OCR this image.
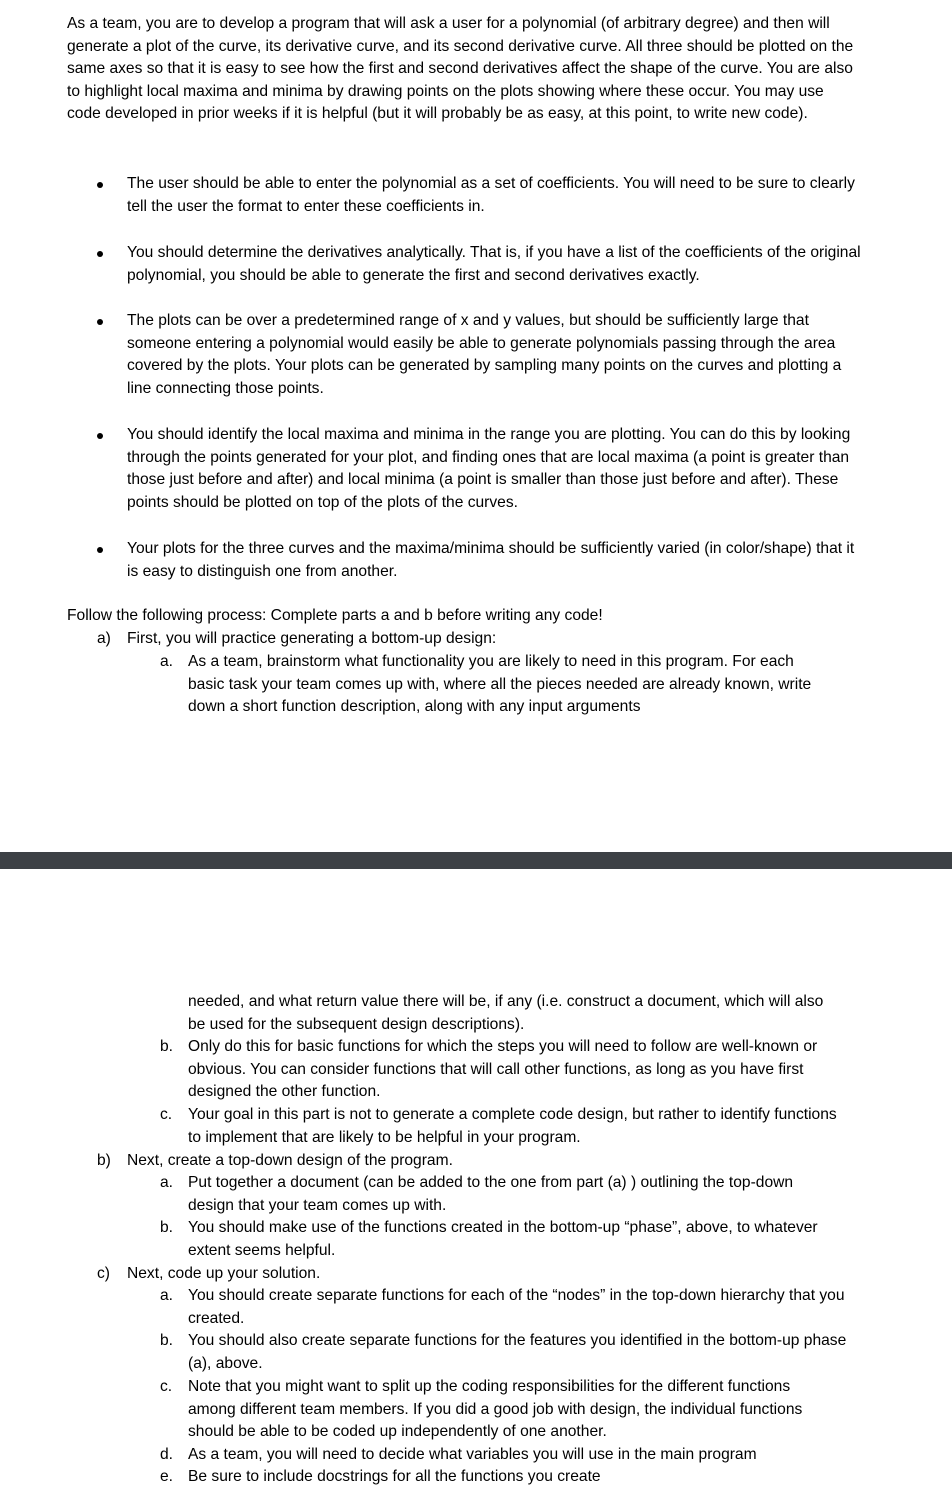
As a team, you are to develop a program that will ask a user for a polynomial (of arbitrary degree) and then will generate a plot of the curve, its derivative curve, and its second derivative curve. All three should be plotted on the same axes so that it is easy to see how the first and second derivatives affect the shape of the curve. You are also to highlight local maxima and minima by drawing points on the plots showing where these occur. You may use code developed in prior weeks if it is helpful (but it will probably be as easy, at this point, to write new code).
The user should be able to enter the polynomial as a set of coefficients. You will need to be sure to clearly tell the user the format to enter these coefficients in.
You should determine the derivatives analytically. That is, if you have a list of the coefficients of the original polynomial, you should be able to generate the first and second derivatives exactly.
The plots can be over a predetermined range of x and y values, but should be sufficiently large that someone entering a polynomial would easily be able to generate polynomials passing through the area covered by the plots. Your plots can be generated by sampling many points on the curves and plotting a line connecting those points.
You should identify the local maxima and minima in the range you are plotting. You can do this by looking through the points generated for your plot, and finding ones that are local maxima (a point is greater than those just before and after) and local minima (a point is smaller than those just before and after). These points should be plotted on top of the plots of the curves.
Your plots for the three curves and the maxima/minima should be sufficiently varied (in color/shape) that it is easy to distinguish one from another.
Follow the following process: Complete parts a and b before writing any code!
a) First, you will practice generating a bottom-up design:
a. As a team, brainstorm what functionality you are likely to need in this program. For each basic task your team comes up with, where all the pieces needed are already known, write down a short function description, along with any input arguments
needed, and what return value there will be, if any (i.e. construct a document, which will also be used for the subsequent design descriptions).
b. Only do this for basic functions for which the steps you will need to follow are well-known or obvious. You can consider functions that will call other functions, as long as you have first designed the other function.
c. Your goal in this part is not to generate a complete code design, but rather to identify functions to implement that are likely to be helpful in your program.
b) Next, create a top-down design of the program.
a. Put together a document (can be added to the one from part (a) ) outlining the top-down design that your team comes up with.
b. You should make use of the functions created in the bottom-up “phase”, above, to whatever extent seems helpful.
c) Next, code up your solution.
a. You should create separate functions for each of the “nodes” in the top-down hierarchy that you created.
b. You should also create separate functions for the features you identified in the bottom-up phase (a), above.
c. Note that you might want to split up the coding responsibilities for the different functions among different team members. If you did a good job with design, the individual functions should be able to be coded up independently of one another.
d. As a team, you will need to decide what variables you will use in the main program
e. Be sure to include docstrings for all the functions you create
